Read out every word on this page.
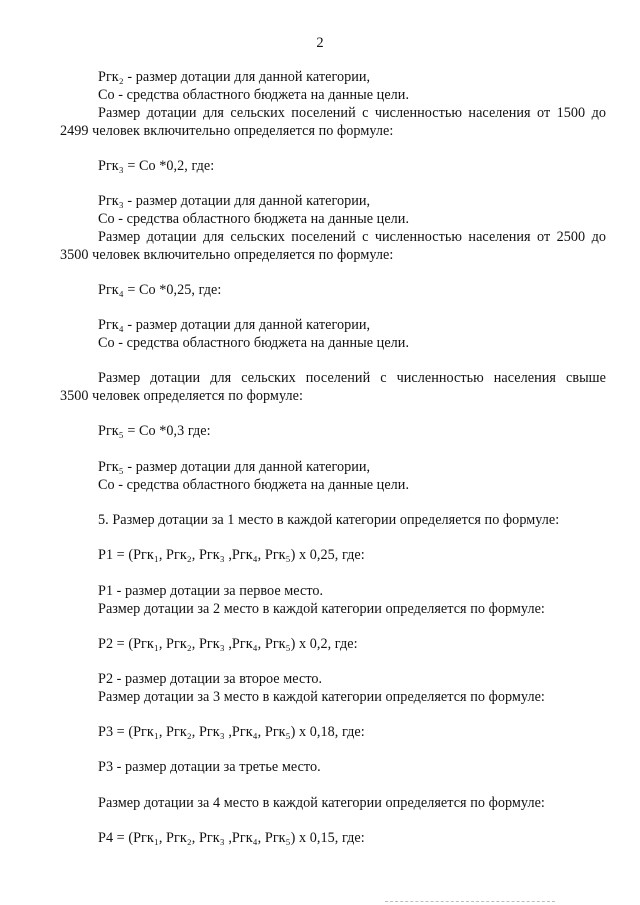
2
Ргк₂ - размер дотации для данной категории,
Со - средства областного бюджета на данные цели.
Размер дотации для сельских поселений с численностью населения от 1500 до
2499 человек включительно определяется по формуле:
Ргк₃ = Со *0,2, где:
Ргк₃ - размер дотации для данной категории,
Со - средства областного бюджета на данные цели.
Размер дотации для сельских поселений с численностью населения от 2500 до
3500 человек включительно определяется по формуле:
Ргк₄ = Со *0,25, где:
Ргк₄ - размер дотации для данной категории,
Со - средства областного бюджета на данные цели.
Размер дотации для сельских поселений с численностью населения свыше
3500 человек определяется по формуле:
Ргк₅ = Со *0,3 где:
Ргк₅ - размер дотации для данной категории,
Со - средства областного бюджета на данные цели.
5. Размер дотации за 1 место в каждой категории определяется по формуле:
Р1 = (Ргк₁, Ргк₂, Ргк₃ ,Ргк₄, Ргк₅) х 0,25, где:
Р1 - размер дотации за первое место.
Размер дотации за 2 место в каждой категории определяется по формуле:
Р2 = (Ргк₁, Ргк₂, Ргк₃ ,Ргк₄, Ргк₅) х 0,2, где:
Р2 - размер дотации за второе место.
Размер дотации за 3 место в каждой категории определяется по формуле:
Р3 = (Ргк₁, Ргк₂, Ргк₃ ,Ргк₄, Ргк₅) х 0,18, где:
Р3 - размер дотации за третье место.
Размер дотации за 4 место в каждой категории определяется по формуле:
Р4 = (Ргк₁, Ргк₂, Ргк₃ ,Ргк₄, Ргк₅) х 0,15, где:
